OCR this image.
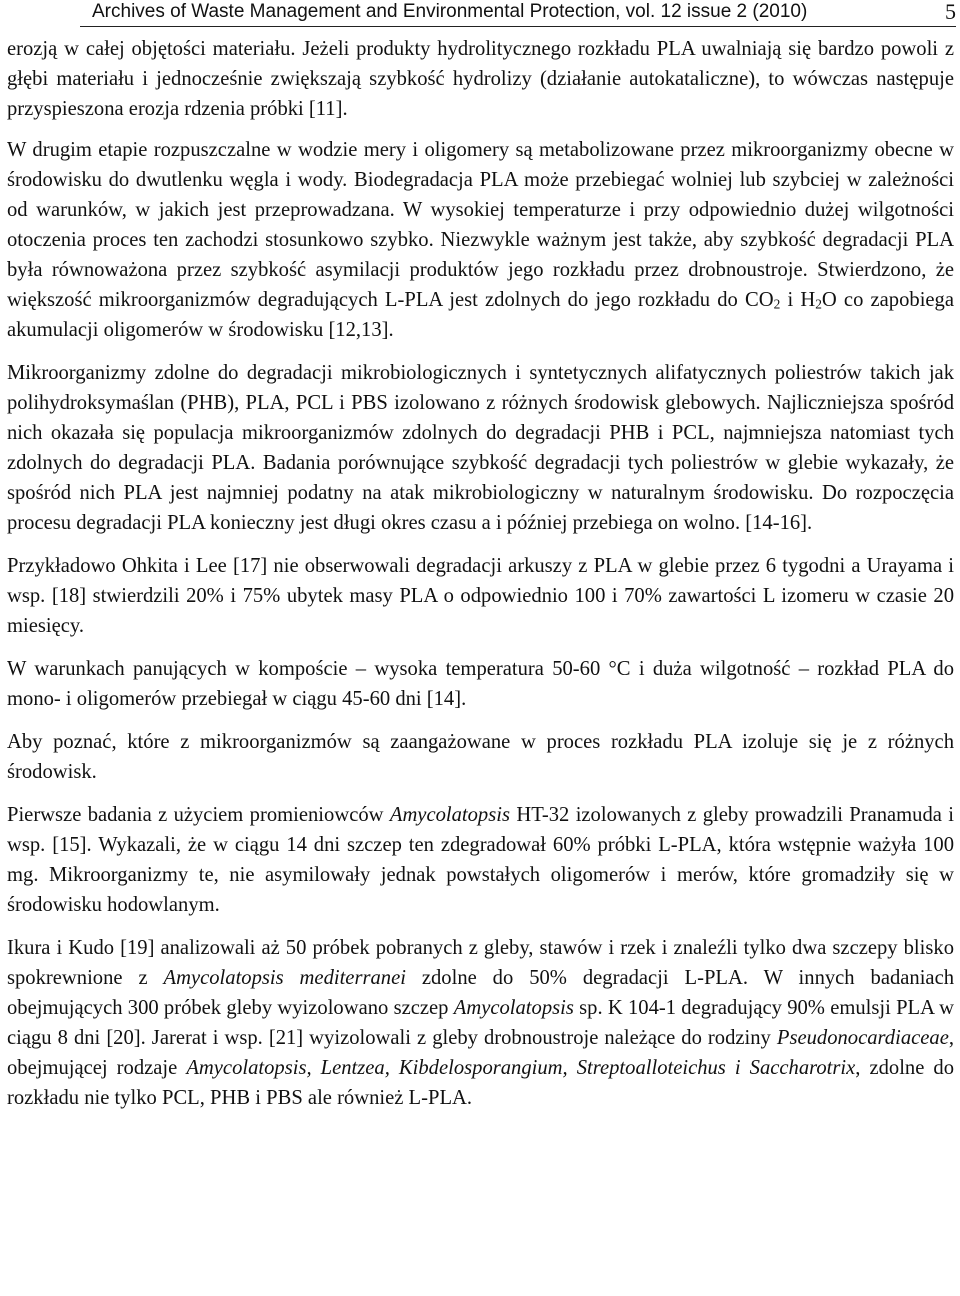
Archives of Waste Management and Environmental Protection, vol. 12 issue 2 (2010)	5

erozją w całej objętości materiału. Jeżeli produkty hydrolitycznego rozkładu PLA uwalniają się bardzo powoli z głębi materiału i jednocześnie zwiększają szybkość hydrolizy (działanie autokataliczne), to wówczas następuje przyspieszona erozja rdzenia próbki [11].

W drugim etapie rozpuszczalne w wodzie mery i oligomery są metabolizowane przez mikroorganizmy obecne w środowisku do dwutlenku węgla i wody. Biodegradacja PLA może przebiegać wolniej lub szybciej w zależności od warunków, w jakich jest przeprowadzana. W wysokiej temperaturze i przy odpowiednio dużej wilgotności otoczenia proces ten zachodzi stosunkowo szybko. Niezwykle ważnym jest także, aby szybkość degradacji PLA była równoważona przez szybkość asymilacji produktów jego rozkładu przez drobnoustroje. Stwierdzono, że większość mikroorganizmów degradujących L-PLA jest zdolnych do jego rozkładu do $CO_2$ i $H_2O$ co zapobiega akumulacji oligomerów w środowisku [12,13].

Mikroorganizmy zdolne do degradacji mikrobiologicznych i syntetycznych alifatycznych poliestrów takich jak polihydroksymaślan (PHB), PLA, PCL i PBS izolowano z różnych środowisk glebowych. Najliczniejsza spośród nich okazała się populacja mikroorganizmów zdolnych do degradacji PHB i PCL, najmniejsza natomiast tych zdolnych do degradacji PLA. Badania porównujące szybkość degradacji tych poliestrów w glebie wykazały, że spośród nich PLA jest najmniej podatny na atak mikrobiologiczny w naturalnym środowisku. Do rozpoczęcia procesu degradacji PLA konieczny jest długi okres czasu a i później przebiega on wolno. [14-16].

Przykładowo Ohkita i Lee [17] nie obserwowali degradacji arkuszy z PLA w glebie przez 6 tygodni a Urayama i wsp. [18] stwierdzili 20% i 75% ubytek masy PLA o odpowiednio 100 i 70% zawartości L izomeru w czasie 20 miesięcy.

W warunkach panujących w kompoście – wysoka temperatura 50-60 °C i duża wilgotność – rozkład PLA do mono- i oligomerów przebiegał w ciągu 45-60 dni [14].

Aby poznać, które z mikroorganizmów są zaangażowane w proces rozkładu PLA izoluje się je z różnych środowisk.

Pierwsze badania z użyciem promieniowców Amycolatopsis HT-32 izolowanych z gleby prowadzili Pranamuda i wsp. [15]. Wykazali, że w ciągu 14 dni szczep ten zdegradował 60% próbki L-PLA, która wstępnie ważyła 100 mg. Mikroorganizmy te, nie asymilowały jednak powstałych oligomerów i merów, które gromadziły się w środowisku hodowlanym.

Ikura i Kudo [19] analizowali aż 50 próbek pobranych z gleby, stawów i rzek i znaleźli tylko dwa szczepy blisko spokrewnione z Amycolatopsis mediterranei zdolne do 50% degradacji L-PLA. W innych badaniach obejmujących 300 próbek gleby wyizolowano szczep Amycolatopsis sp. K 104-1 degradujący 90% emulsji PLA w ciągu 8 dni [20]. Jarerat i wsp. [21] wyizolowali z gleby drobnoustroje należące do rodziny Pseudonocardiaceae, obejmującej rodzaje Amycolatopsis, Lentzea, Kibdelosporangium, Streptoalloteichus i Saccharotrix, zdolne do rozkładu nie tylko PCL, PHB i PBS ale również L-PLA.
